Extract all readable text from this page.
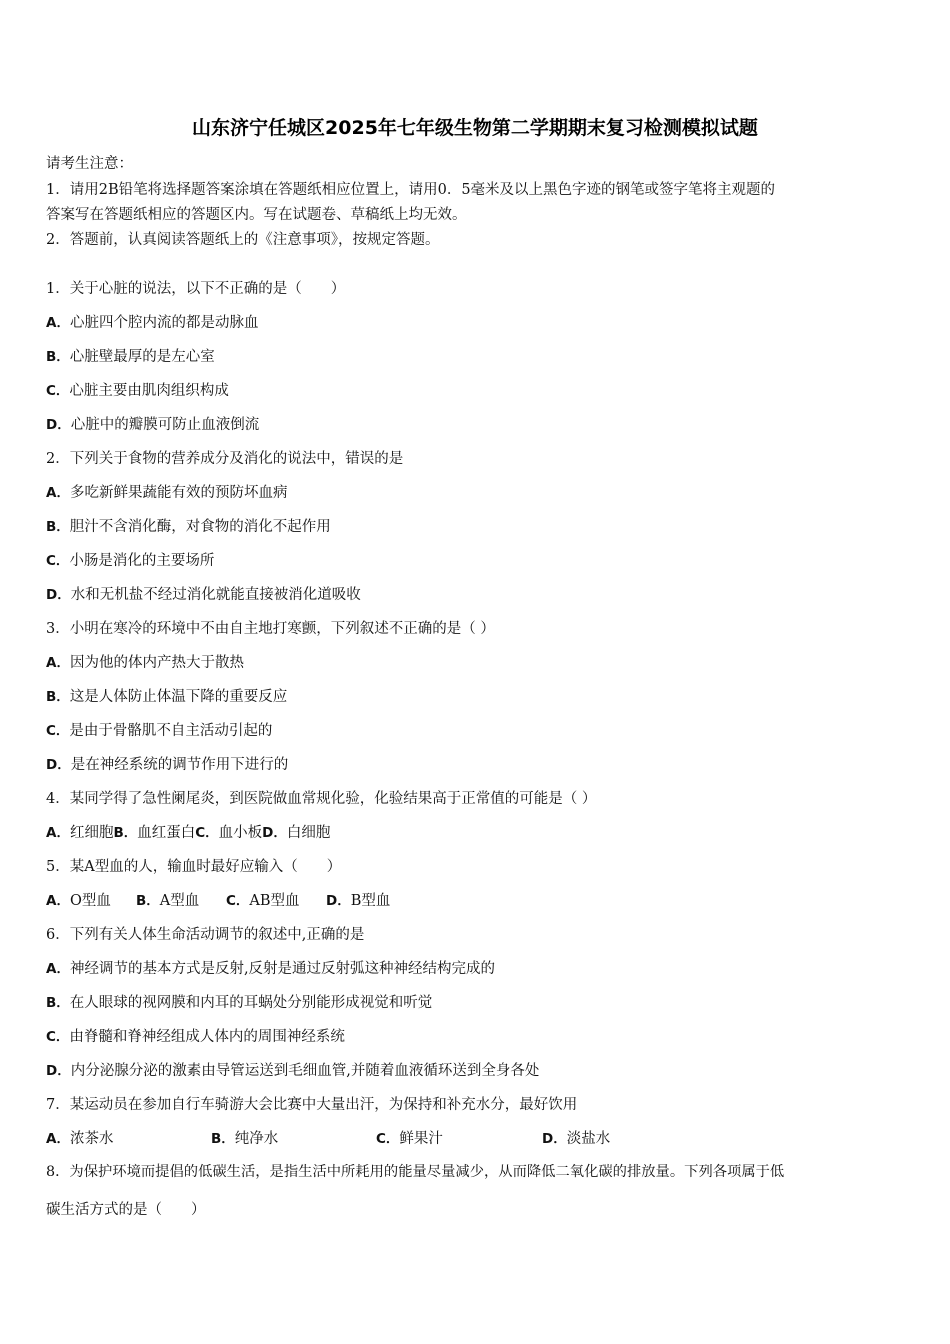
山东济宁任城区2025年七年级生物第二学期期末复习检测模拟试题
请考生注意：
1．请用2B铅笔将选择题答案涂填在答题纸相应位置上，请用0．5毫米及以上黑色字迹的钢笔或签字笔将主观题的
答案写在答题纸相应的答题区内。写在试题卷、草稿纸上均无效。
2．答题前，认真阅读答题纸上的《注意事项》，按规定答题。
1．关于心脏的说法，以下不正确的是（　　）
A．心脏四个腔内流的都是动脉血
B．心脏壁最厚的是左心室
C．心脏主要由肌肉组织构成
D．心脏中的瓣膜可防止血液倒流
2．下列关于食物的营养成分及消化的说法中，错误的是
A．多吃新鲜果蔬能有效的预防坏血病
B．胆汁不含消化酶，对食物的消化不起作用
C．小肠是消化的主要场所
D．水和无机盐不经过消化就能直接被消化道吸收
3．小明在寒冷的环境中不由自主地打寒颤，下列叙述不正确的是（ ）
A．因为他的体内产热大于散热
B．这是人体防止体温下降的重要反应
C．是由于骨骼肌不自主活动引起的
D．是在神经系统的调节作用下进行的
4．某同学得了急性阑尾炎，到医院做血常规化验，化验结果高于正常值的可能是（ ）
A．红细胞B．血红蛋白C．血小板D．白细胞
5．某A型血的人，输血时最好应输入（　　）
A．O型血 B．A型血 C．AB型血 D．B型血
6．下列有关人体生命活动调节的叙述中,正确的是
A．神经调节的基本方式是反射,反射是通过反射弧这种神经结构完成的
B．在人眼球的视网膜和内耳的耳蜗处分别能形成视觉和听觉
C．由脊髓和脊神经组成人体内的周围神经系统
D．内分泌腺分泌的激素由导管运送到毛细血管,并随着血液循环送到全身各处
7．某运动员在参加自行车骑游大会比赛中大量出汗，为保持和补充水分，最好饮用
A．浓茶水	B．纯净水	C．鲜果汁	D．淡盐水
8．为保护环境而提倡的低碳生活，是指生活中所耗用的能量尽量减少，从而降低二氧化碳的排放量。下列各项属于低
碳生活方式的是（　　）
